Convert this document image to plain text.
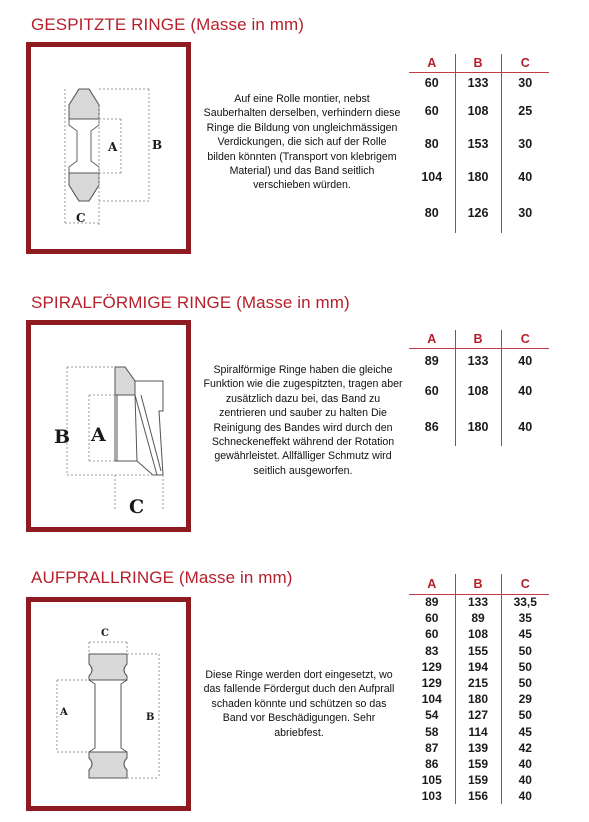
GESPITZTE RINGE (Masse in mm)
A	B
C
Auf eine Rolle montier, nebst Sauberhalten derselben, verhindern diese Ringe die Bildung von ungleichmässigen Verdickungen, die sich auf der Rolle bilden könnten (Transport von klebrigem Material) und das Band seitlich verschieben würden.
A	B	C
60	133	30
60	108	25
80	153	30
104	180	40
80	126	30
SPIRALFÖRMIGE RINGE (Masse in mm)
B A
C
Spiralförmige Ringe haben die gleiche Funktion wie die zugespitzten, tragen aber zusätzlich dazu bei, das Band zu zentrieren und sauber zu halten Die Reinigung des Bandes wird durch den Schneckeneffekt während der Rotation gewährleistet. Allfälliger Schmutz wird seitlich ausgeworfen.
A	B	C
89	133	40
60	108	40
86	180	40
AUFPRALLRINGE (Masse in mm)
C
A	B
Diese Ringe werden dort eingesetzt, wo das fallende Fördergut duch den Aufprall schaden könnte und schützen so das Band vor Beschädigungen. Sehr abriebfest.
A	B	C
89	133	33,5
60	89	35
60	108	45
83	155	50
129	194	50
129	215	50
104	180	29
54	127	50
58	114	45
87	139	42
86	159	40
105	159	40
103	156	40
